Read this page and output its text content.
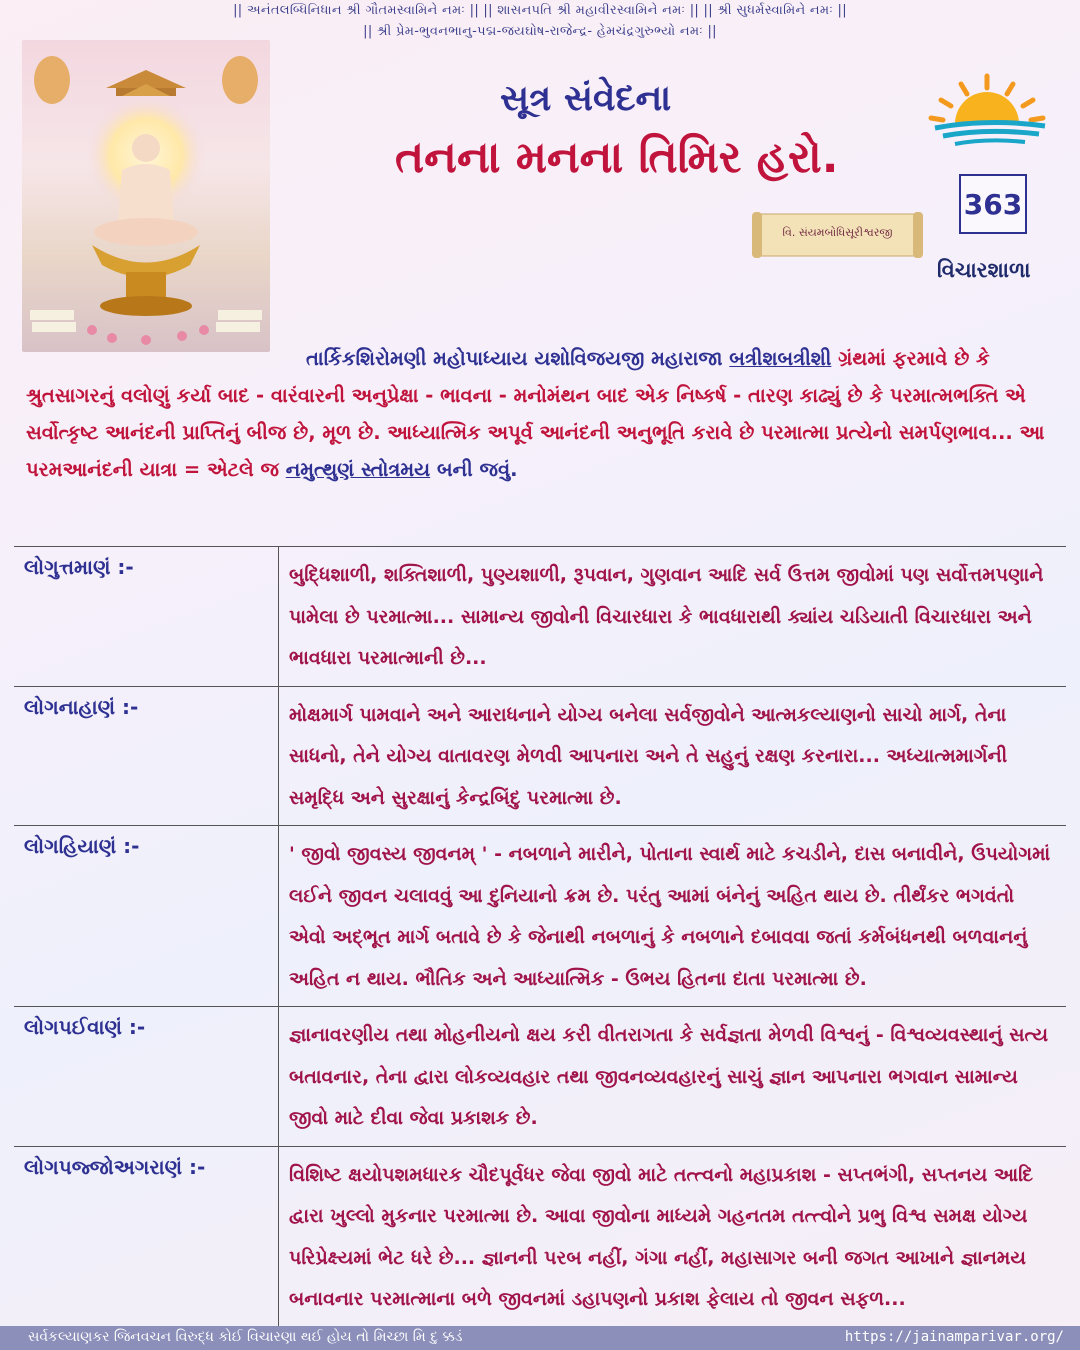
|| અનંતલબ્ધિનિધાન શ્રી ગૌતમસ્વામિને નમઃ || || શાસનપતિ શ્રી મહાવીરસ્વામિને નમઃ || || શ્રી સુધર્મસ્વામિને નમઃ ||
|| શ્રી પ્રેમ-ભુવનભાનુ-પદ્મ-જયઘોષ-રાજેન્દ્ર- હેમચંદ્રગુરુભ્યો નમઃ ||
સૂત્ર સંવેદના
તનના મનના તિમિર હરો.
વિ. સંયમબોધિસૂરીશ્વરજી
363
વિચારશાળા
તાર્કિકશિરોમણી મહોપાધ્યાય યશોવિજયજી મહારાજા બત્રીશબત્રીશી ગ્રંથમાં ફરમાવે છે કે શ્રુતસાગરનું વલોણું કર્યા બાદ - વારંવારની અનુપ્રેક્ષા - ભાવના - મનોમંથન બાદ એક નિષ્કર્ષ - તારણ કાઢ્યું છે કે પરમાત્મભક્તિ એ સર્વોત્કૃષ્ટ આનંદની પ્રાપ્તિનું બીજ છે, મૂળ છે. આધ્યાત્મિક અપૂર્વ આનંદની અનુભૂતિ કરાવે છે પરમાત્મા પ્રત્યેનો સમર્પણભાવ... આ પરમઆનંદની યાત્રા = એટલે જ નમુત્થુણં સ્તોત્રમય બની જવું.
લોગુત્તમાણં :-	બુદ્ધિશાળી, શક્તિશાળી, પુણ્યશાળી, રૂપવાન, ગુણવાન આદિ સર્વ ઉત્તમ જીવોમાં પણ સર્વોત્તમપણાને પામેલા છે પરમાત્મા... સામાન્ય જીવોની વિચારધારા કે ભાવધારાથી ક્યાંય ચડિયાતી વિચારધારા અને ભાવધારા પરમાત્માની છે...
લોગનાહાણં :-	મોક્ષમાર્ગ પામવાને અને આરાધનાને યોગ્ય બનેલા સર્વજીવોને આત્મકલ્યાણનો સાચો માર્ગ, તેના સાધનો, તેને યોગ્ય વાતાવરણ મેળવી આપનારા અને તે સહુનું રક્ષણ કરનારા... અધ્યાત્મમાર્ગની સમૃદ્ધિ અને સુરક્ષાનું કેન્દ્રબિંદુ પરમાત્મા છે.
લોગહિયાણં :-	' જીવો જીવસ્ય જીવનમ્ ' - નબળાને મારીને, પોતાના સ્વાર્થ માટે કચડીને, દાસ બનાવીને, ઉપયોગમાં લઈને જીવન ચલાવવું આ દુનિયાનો ક્રમ છે. પરંતુ આમાં બંનેનું અહિત થાય છે. તીર્થંકર ભગવંતો એવો અદ્ભૂત માર્ગ બતાવે છે કે જેનાથી નબળાનું કે નબળાને દબાવવા જતાં કર્મબંધનથી બળવાનનું અહિત ન થાય. ભૌતિક અને આધ્યાત્મિક - ઉભય હિતના દાતા પરમાત્મા છે.
લોગપઈવાણં :-	જ્ઞાનાવરણીય તથા મોહનીયનો ક્ષય કરી વીતરાગતા કે સર્વજ્ઞતા મેળવી વિશ્વનું - વિશ્વવ્યવસ્થાનું સત્ય બતાવનાર, તેના દ્વારા લોકવ્યવહાર તથા જીવનવ્યવહારનું સાચું જ્ઞાન આપનારા ભગવાન સામાન્ય જીવો માટે દીવા જેવા પ્રકાશક છે.
લોગપજ્જોઅગરાણં :-	વિશિષ્ટ ક્ષયોપશમધારક ચૌદપૂર્વધર જેવા જીવો માટે તત્ત્વનો મહાપ્રકાશ - સપ્તભંગી, સપ્તનય આદિ દ્વારા ખુલ્લો મુકનાર પરમાત્મા છે. આવા જીવોના માધ્યમે ગહનતમ તત્ત્વોને પ્રભુ વિશ્વ સમક્ષ યોગ્ય પરિપ્રેક્ષ્યમાં ભેટ ધરે છે... જ્ઞાનની પરબ નહીં, ગંગા નહીં, મહાસાગર બની જગત આખાને જ્ઞાનમય બનાવનાર પરમાત્માના બળે જીવનમાં ડહાપણનો પ્રકાશ ફેલાય તો જીવન સફળ...
સર્વકલ્યાણકર જિનવચન વિરુદ્ધ કોઈ વિચારણા થઈ હોય તો મિચ્છા મિ દુ ક્કડં	https://jainamparivar.org/
